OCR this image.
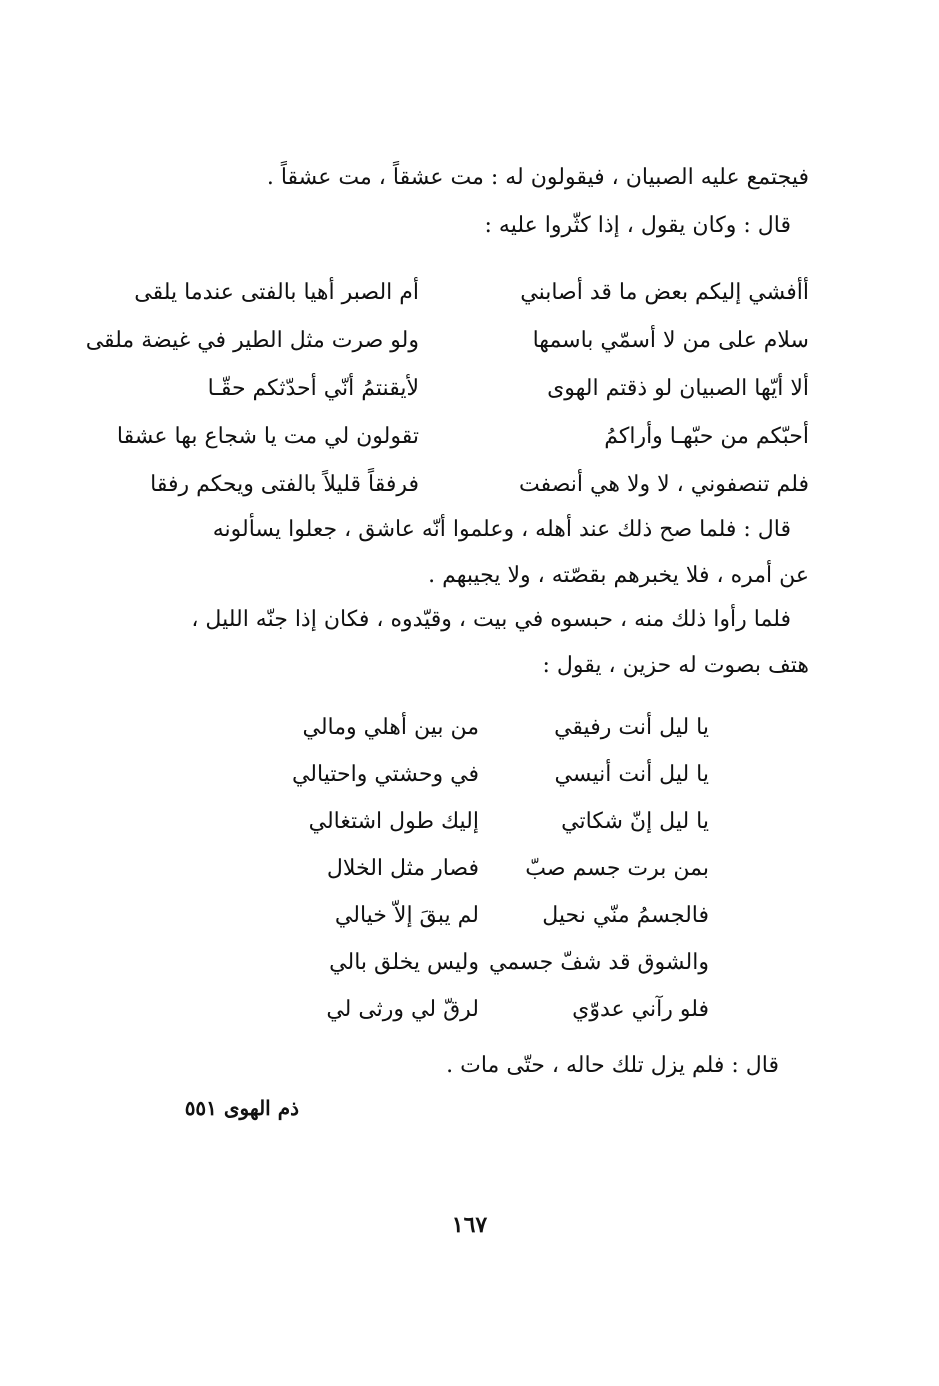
فيجتمع عليه الصبيان ، فيقولون له : مت عشقاً ، مت عشقاً .
قال : وكان يقول ، إذا كثّروا عليه :
أأفشي إليكم بعض ما قد أصابني
أم الصبر أهيا بالفتى عندما يلقى
سلام على من لا أسمّي باسمها
ولو صرت مثل الطير في غيضة ملقى
ألا أيّها الصبيان لو ذقتم الهوى
لأيقنتمُ أنّي أحدّثكم حقّـا
أحبّكم من حبّهـا وأراكمُ
تقولون لي مت يا شجاع بها عشقا
فلم تنصفوني ، لا ولا هي أنصفت
فرفقاً قليلاً بالفتى ويحكم رفقا
قال : فلما صح ذلك عند أهله ، وعلموا أنّه عاشق ، جعلوا يسألونه
عن أمره ، فلا يخبرهم بقصّته ، ولا يجيبهم .
فلما رأوا ذلك منه ، حبسوه في بيت ، وقيّدوه ، فكان إذا جنّه الليل ،
هتف بصوت له حزين ، يقول :
يا ليل أنت رفيقي
من بين أهلي ومالي
يا ليل أنت أنيسي
في وحشتي واحتيالي
يا ليل إنّ شكاتي
إليك طول اشتغالي
بمن برت جسم صبّ
فصار مثل الخلال
فالجسمُ منّي نحيل
لم يبقَ إلاّ خيالي
والشوق قد شفّ جسمي
وليس يخلق بالي
فلو رآني عدوّي
لرقّ لي ورثى لي
قال : فلم يزل تلك حاله ، حتّى مات .
ذم الهوى ٥٥١
١٦٧
